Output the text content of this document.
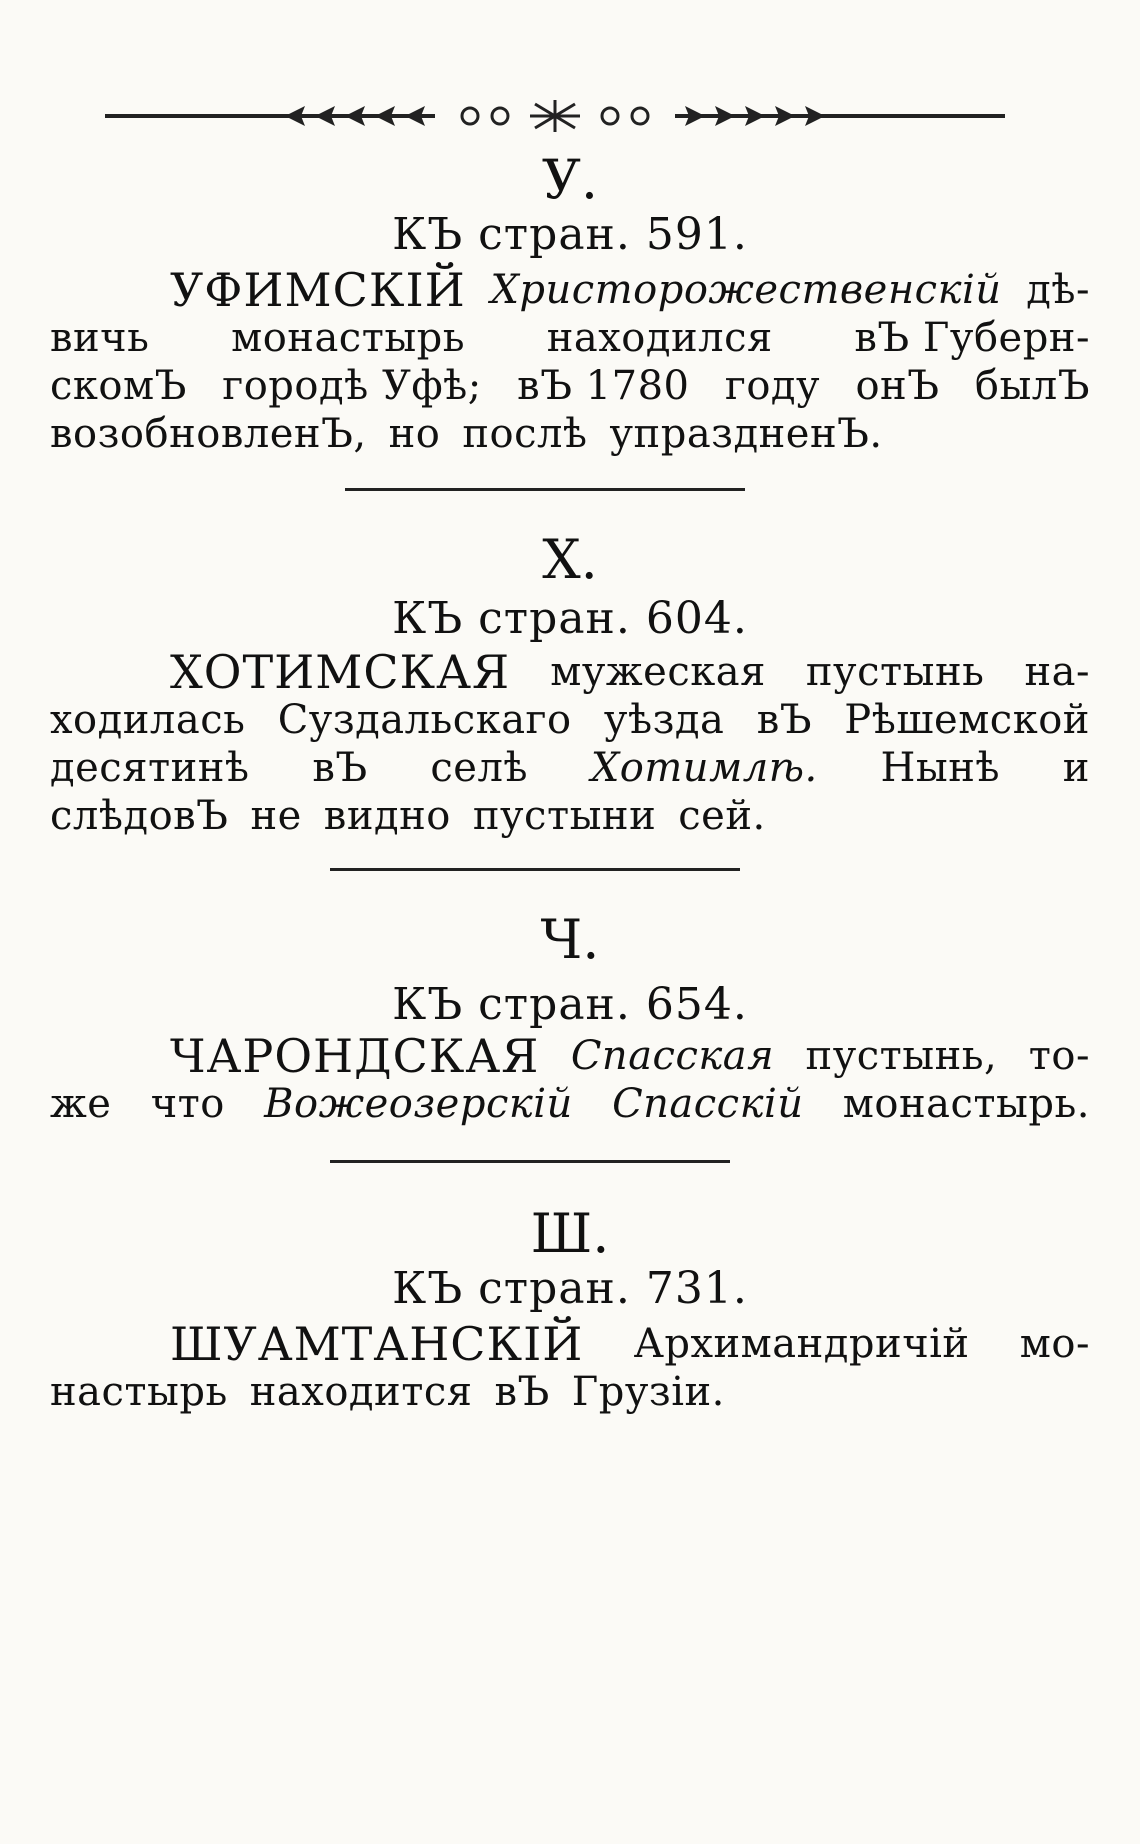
У.
КЪ стран. 591.
УФИМСКІЙ Христорожественскій дѣ-
вичь монастырь находился вЪ Губерн-
скомЪ городѣ Уфѣ; вЪ 1780 году онЪ былЪ
возобновленЪ, но послѣ упраздненЪ.
Х.
КЪ стран. 604.
ХОТИМСКАЯ мужеская пустынь на-
ходилась Суздальскаго уѣзда вЪ Рѣшемской
десятинѣ вЪ селѣ Хотимлѣ. Нынѣ и
слѣдовЪ не видно пустыни сей.
Ч.
КЪ стран. 654.
ЧАРОНДСКАЯ Спасская пустынь, то-
же что Вожеозерскій Спасскій монастырь.
Ш.
КЪ стран. 731.
ШУАМТАНСКІЙ Архимандричій мо-
настырь находится вЪ Грузіи.
